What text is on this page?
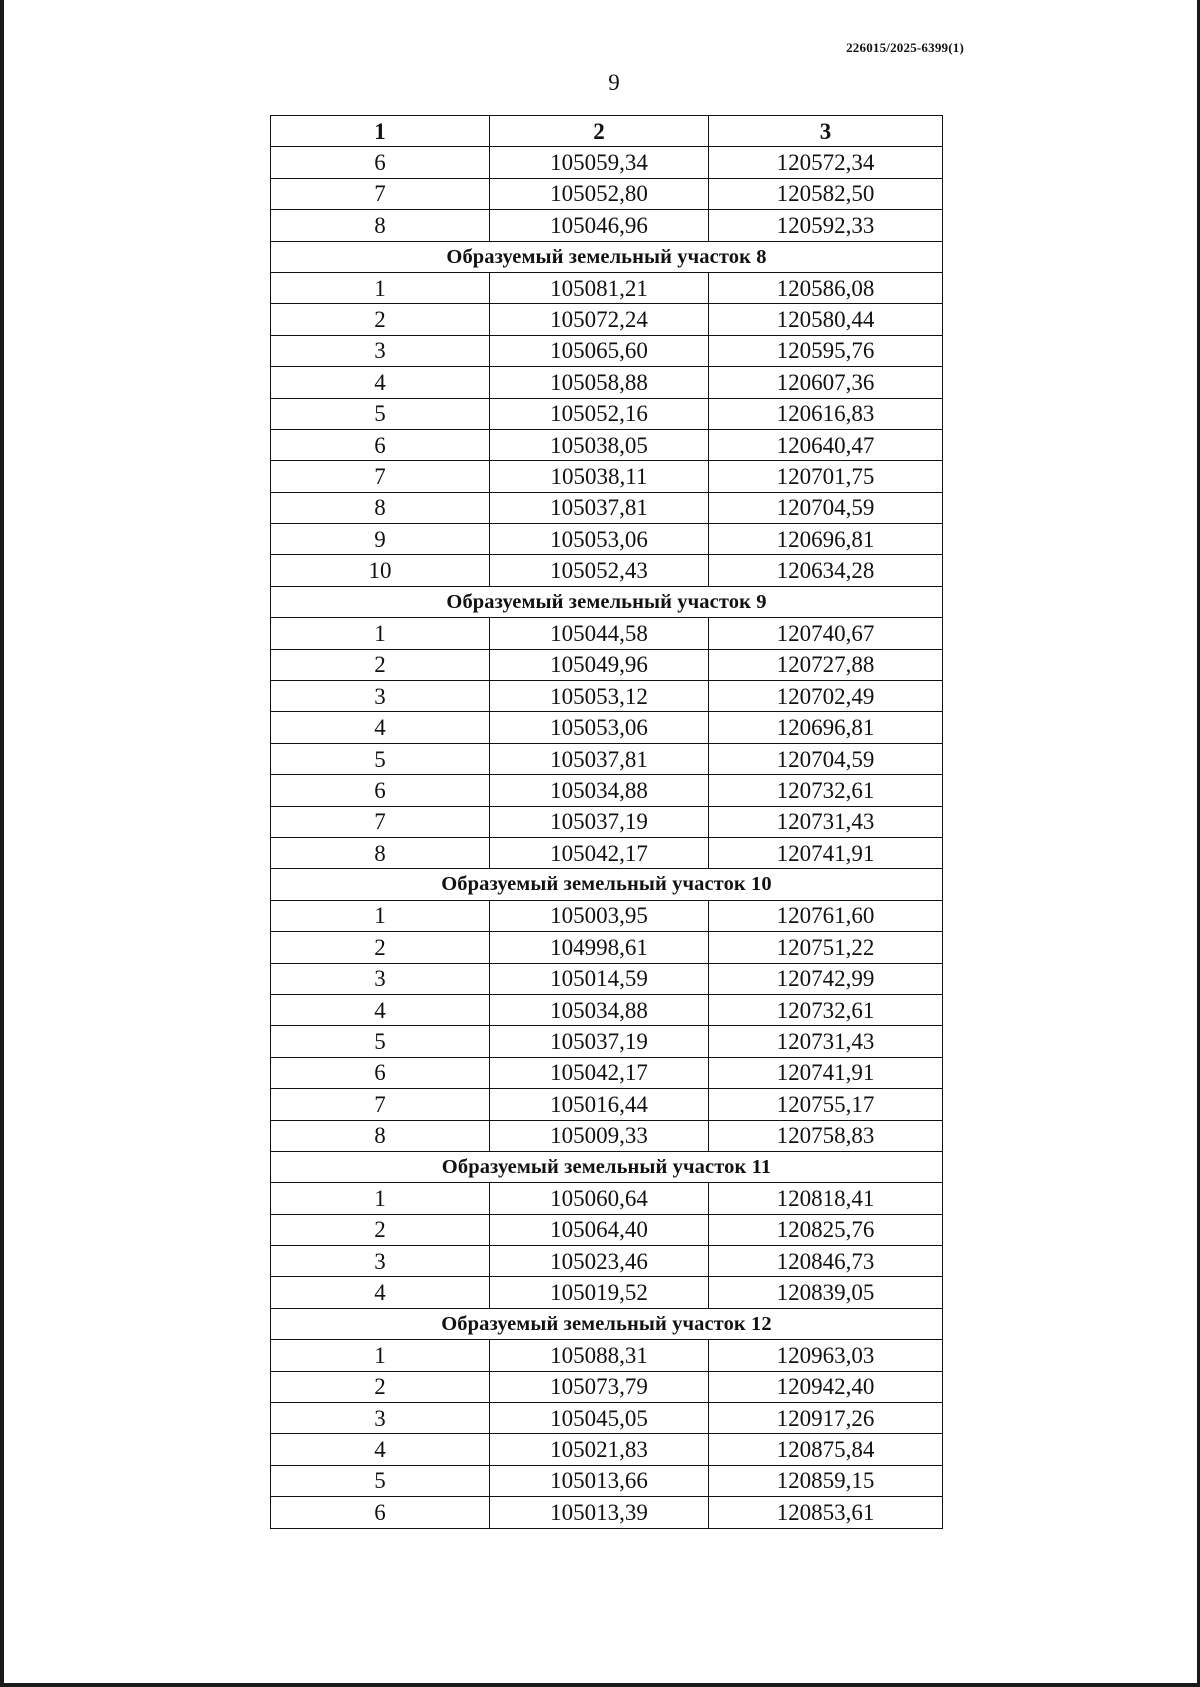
226015/2025-6399(1)
9
1	2	3
6	105059,34	120572,34
7	105052,80	120582,50
8	105046,96	120592,33
Образуемый земельный участок 8		
1	105081,21	120586,08
2	105072,24	120580,44
3	105065,60	120595,76
4	105058,88	120607,36
5	105052,16	120616,83
6	105038,05	120640,47
7	105038,11	120701,75
8	105037,81	120704,59
9	105053,06	120696,81
10	105052,43	120634,28
Образуемый земельный участок 9		
1	105044,58	120740,67
2	105049,96	120727,88
3	105053,12	120702,49
4	105053,06	120696,81
5	105037,81	120704,59
6	105034,88	120732,61
7	105037,19	120731,43
8	105042,17	120741,91
Образуемый земельный участок 10		
1	105003,95	120761,60
2	104998,61	120751,22
3	105014,59	120742,99
4	105034,88	120732,61
5	105037,19	120731,43
6	105042,17	120741,91
7	105016,44	120755,17
8	105009,33	120758,83
Образуемый земельный участок 11		
1	105060,64	120818,41
2	105064,40	120825,76
3	105023,46	120846,73
4	105019,52	120839,05
Образуемый земельный участок 12		
1	105088,31	120963,03
2	105073,79	120942,40
3	105045,05	120917,26
4	105021,83	120875,84
5	105013,66	120859,15
6	105013,39	120853,61
